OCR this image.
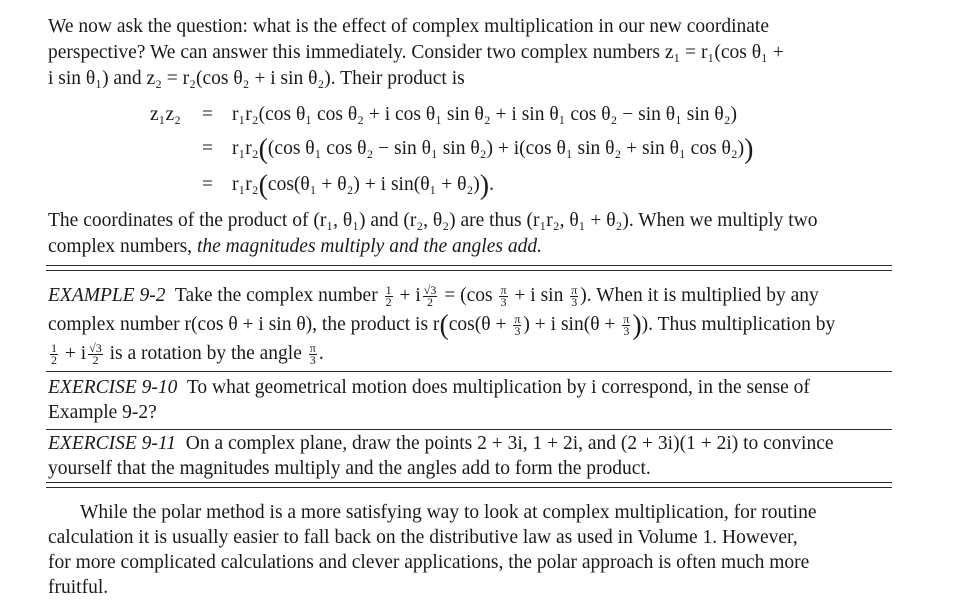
We now ask the question: what is the effect of complex multiplication in our new coordinate
perspective? We can answer this immediately. Consider two complex numbers z₁ = r₁(cos θ₁ +
i sin θ₁) and z₂ = r₂(cos θ₂ + i sin θ₂). Their product is
z₁z₂ = r₁r₂(cos θ₁ cos θ₂ + i cos θ₁ sin θ₂ + i sin θ₁ cos θ₂ − sin θ₁ sin θ₂)
= r₁r₂((cos θ₁ cos θ₂ − sin θ₁ sin θ₂) + i(cos θ₁ sin θ₂ + sin θ₁ cos θ₂))
= r₁r₂(cos(θ₁ + θ₂) + i sin(θ₁ + θ₂)).
The coordinates of the product of (r₁, θ₁) and (r₂, θ₂) are thus (r₁r₂, θ₁ + θ₂). When we multiply two
complex numbers, the magnitudes multiply and the angles add.
EXAMPLE 9-2 Take the complex number $\frac{1}{2} + i \frac{√3}{2} = (\cos \frac{\pi}{3} + i$ $\sin \frac{\pi}{3}$ ). When it is multiplied by any
complex number r(cos θ + i sin θ), the product is $r(\cos(\theta + \frac{\pi}{3}$ ) + i $\sin(\theta + \frac{\pi}{3}$ )). Thus multiplication by
$\frac{1}{2} + i \frac{√3}{2}$ is a rotation by the angle $\frac{\pi}{3}$ .
EXERCISE 9-10 To what geometrical motion does multiplication by i correspond, in the sense of
Example 9-2?
EXERCISE 9-11 On a complex plane, draw the points 2 + 3i, 1 + 2i, and (2 + 3i)(1 + 2i) to convince
yourself that the magnitudes multiply and the angles add to form the product.
While the polar method is a more satisfying way to look at complex multiplication, for routine
calculation it is usually easier to fall back on the distributive law as used in Volume 1. However,
for more complicated calculations and clever applications, the polar approach is often much more
fruitful.
